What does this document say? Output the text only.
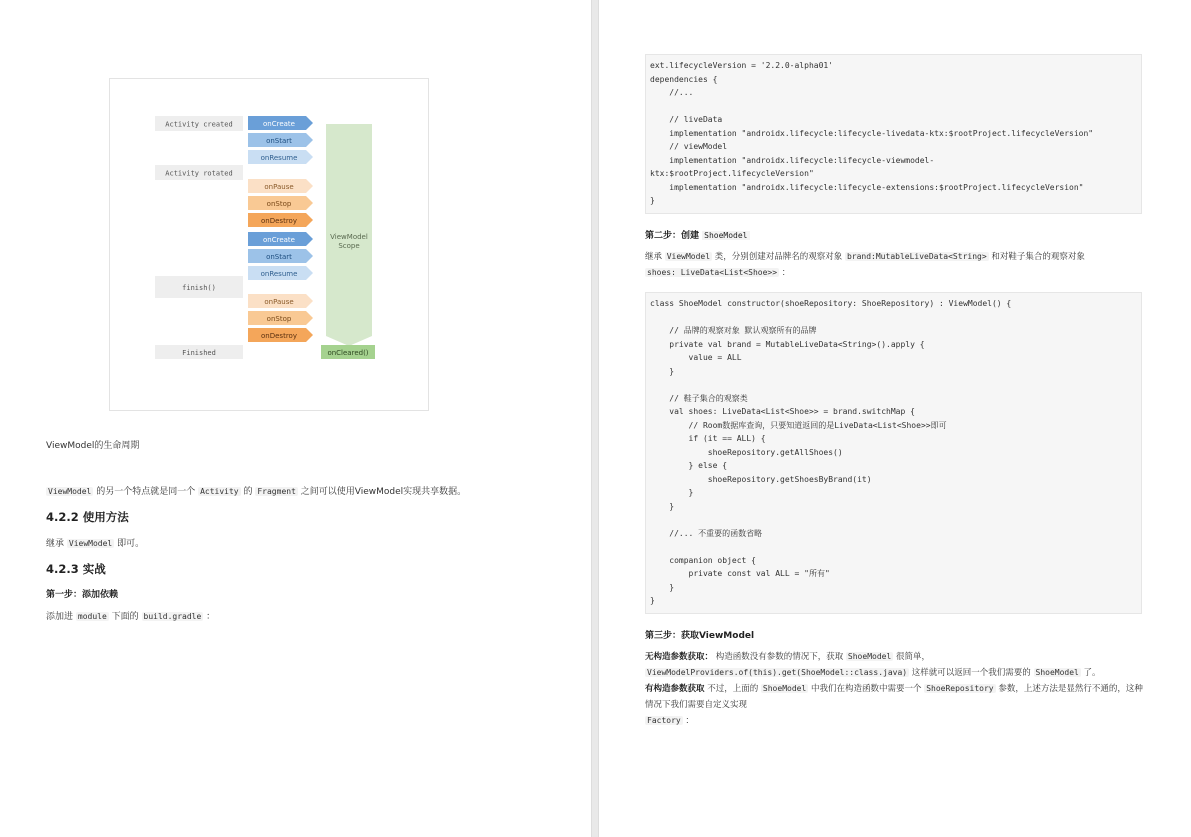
Activity created
Activity rotated
finish()
Finished
onCreate
onStart
onResume
onPause
onStop
onDestroy
onCreate
onStart
onResume
onPause
onStop
onDestroy
ViewModel
Scope
onCleared()
ViewModel的生命周期
ViewModel 的另一个特点就是同一个 Activity 的 Fragment 之间可以使用ViewModel实现共享数据。
4.2.2 使用方法
继承 ViewModel 即可。
4.2.3 实战
第一步：添加依赖
添加进 module 下面的 build.gradle ：
ext.lifecycleVersion = '2.2.0-alpha01'
dependencies {
//...

// liveData
implementation "androidx.lifecycle:lifecycle-livedata-ktx:$rootProject.lifecycleVersion"
// viewModel
implementation "androidx.lifecycle:lifecycle-viewmodel-
ktx:$rootProject.lifecycleVersion"
implementation "androidx.lifecycle:lifecycle-extensions:$rootProject.lifecycleVersion"
}
第二步：创建 ShoeModel
继承 ViewModel 类，分别创建对品牌名的观察对象 brand:MutableLiveData<String> 和对鞋子集合的观察对象
shoes: LiveData<List<Shoe>> ：
class ShoeModel constructor(shoeRepository: ShoeRepository) : ViewModel() {

// 品牌的观察对象 默认观察所有的品牌
private val brand = MutableLiveData<String>().apply {
value = ALL
}

// 鞋子集合的观察类
val shoes: LiveData<List<Shoe>> = brand.switchMap {
// Room数据库查询，只要知道返回的是LiveData<List<Shoe>>即可
if (it == ALL) {
shoeRepository.getAllShoes()
} else {
shoeRepository.getShoesByBrand(it)
}
}

//... 不重要的函数省略

companion object {
private const val ALL = "所有"
}
}
第三步：获取ViewModel
无构造参数获取： 构造函数没有参数的情况下，获取 ShoeModel 很简单，
ViewModelProviders.of(this).get(ShoeModel::class.java) 这样就可以返回一个我们需要的 ShoeModel 了。
有构造参数获取 不过，上面的 ShoeModel 中我们在构造函数中需要一个 ShoeRepository 参数，上述方法是显然行不通的，这种情况下我们需要自定义实现
Factory ：
